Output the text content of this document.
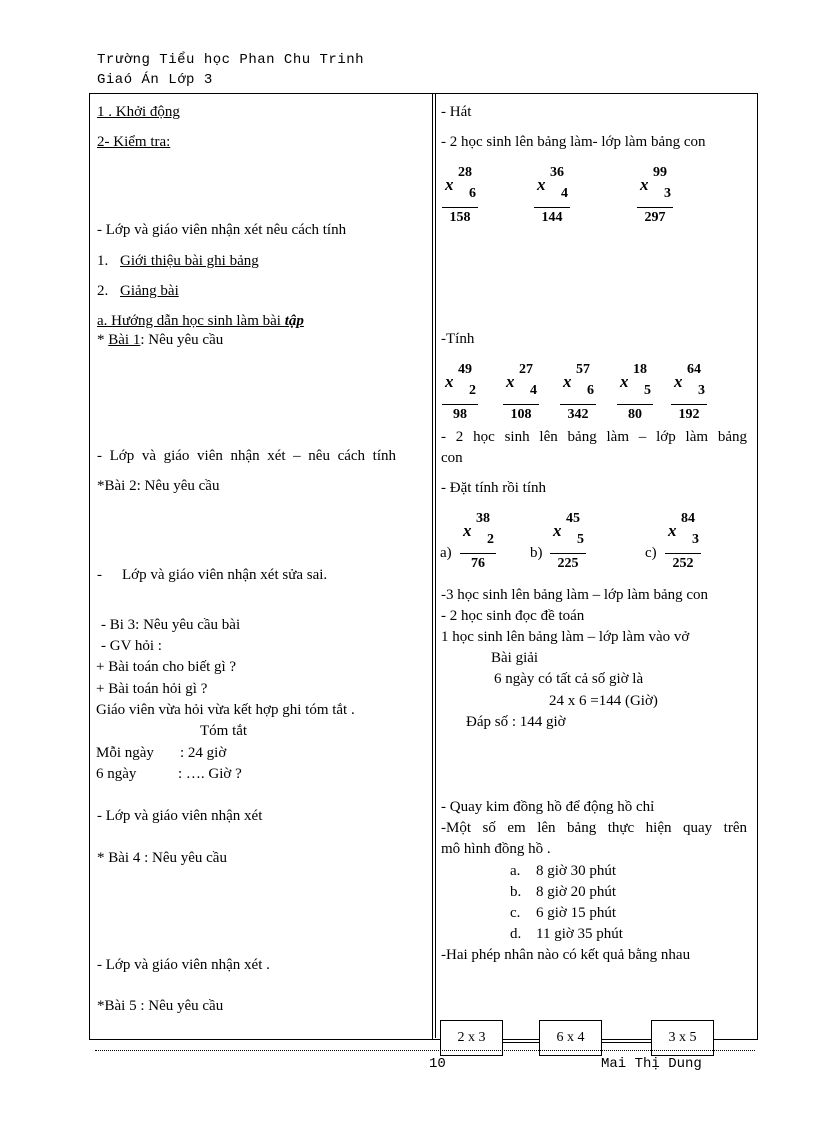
Trường Tiểu học Phan Chu Trinh
Giaó Án Lớp 3
1 . Khởi động
2- Kiểm tra:
- Lớp và giáo viên nhận xét nêu cách tính
1. Giới thiệu bài ghi bảng
2. Giảng bài
a. Hướng dẫn học sinh làm bài tập
* Bài 1: Nêu yêu cầu
- Lớp và giáo viên nhận xét – nêu cách tính
*Bài 2: Nêu yêu cầu
- Lớp và giáo viên nhận xét sửa sai.
- Bi 3: Nêu yêu cầu bài
- GV hỏi :
+ Bài toán cho biết gì ?
+ Bài toán hỏi gì ?
Giáo viên vừa hỏi vừa kết hợp ghi tóm tắt .
Tóm tắt
Mỗi ngày : 24 giờ
6 ngày	: …. Giờ ?
- Lớp và giáo viên nhận xét
* Bài 4 : Nêu yêu cầu
- Lớp và giáo viên nhận xét .
*Bài 5 : Nêu yêu cầu
- Hát
- 2 học sinh lên bảng làm- lớp làm bảng con
x
28
6
158
x
36
4
144
x
99
3
297
-Tính
x
49
2
98
x
27
4
108
x
57
6
342
x
18
5
80
x
64
3
192
- 2 học sinh lên bảng làm – lớp làm bảng
con
- Đặt tính rồi tính
a)
x
38
2
76
b)
x
45
5
225
c)
x
84
3
252
-3 học sinh lên bảng làm – lớp làm bảng con
- 2 học sinh đọc đề toán
1 học sinh lên bảng làm – lớp làm vào vở
Bài giải
6 ngày có tất cả số giờ là
24 x 6 =144 (Giờ)
Đáp số : 144 giờ
- Quay kim đồng hồ để động hồ chỉ
-Một số em lên bảng thực hiện quay trên
mô hình đồng hồ .
a. 8 giờ 30 phút
b. 8 giờ 20 phút
c. 6 giờ 15 phút
d. 11 giờ 35 phút
-Hai phép nhân nào có kết quả bằng nhau
2 x 3	6 x 4	3 x 5
10	Mai Thị Dung
